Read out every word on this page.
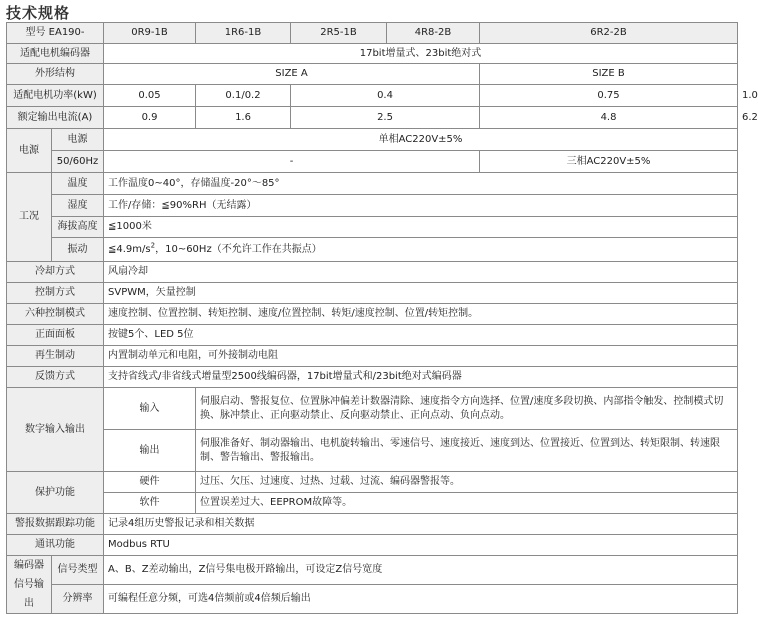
技术规格
型号 EA190-		0R9-1B	1R6-1B	2R5-1B	4R8-2B	6R2-2B	
适配电机编码器		17bit增量式、23bit绝对式					
外形结构		SIZE A				SIZE B	
适配电机功率(kW)		0.05	0.1/0.2	0.4		0.75	1.0
额定输出电流(A)		0.9	1.6	2.5		4.8	6.2
电源	电源	单相AC220V±5%					
	50/60Hz	-				三相AC220V±5%	
工况	温度	工作温度0~40°，存储温度-20°～85°					
	湿度	工作/存储：≦90%RH（无结露）					
	海拔高度	≦1000米					
	振动	$≦4.9m/s^2$，10~60Hz（不允许工作在共振点）					
冷却方式		风扇冷却					
控制方式		SVPWM，矢量控制					
六种控制模式		速度控制、位置控制、转矩控制、速度/位置控制、转矩/速度控制、位置/转矩控制。					
正面面板		按键5个、LED 5位					
再生制动		内置制动单元和电阻，可外接制动电阻					
反馈方式		支持省线式/非省线式增量型2500线编码器，17bit增量式和/23bit绝对式编码器					
数字输入输出		输入	伺服启动、警报复位、位置脉冲偏差计数器清除、速度指令方向选择、位置/速度多段切换、内部指令触发、控制模式切换、脉冲禁止、正向驱动禁止、反向驱动禁止、正向点动、负向点动。				
		输出	伺服准备好、制动器输出、电机旋转输出、零速信号、速度接近、速度到达、位置接近、位置到达、转矩限制、转速限制、警告输出、警报输出。				
保护功能		硬件	过压、欠压、过速度、过热、过载、过流、编码器警报等。				
		软件	位置误差过大、EEPROM故障等。				
警报数据跟踪功能		记录4组历史警报记录和相关数据					
通讯功能		Modbus RTU					
编码器信号输出	信号类型	A、B、Z差动输出，Z信号集电极开路输出，可设定Z信号宽度					
	分辨率	可编程任意分频，可选4倍频前或4倍频后输出					
